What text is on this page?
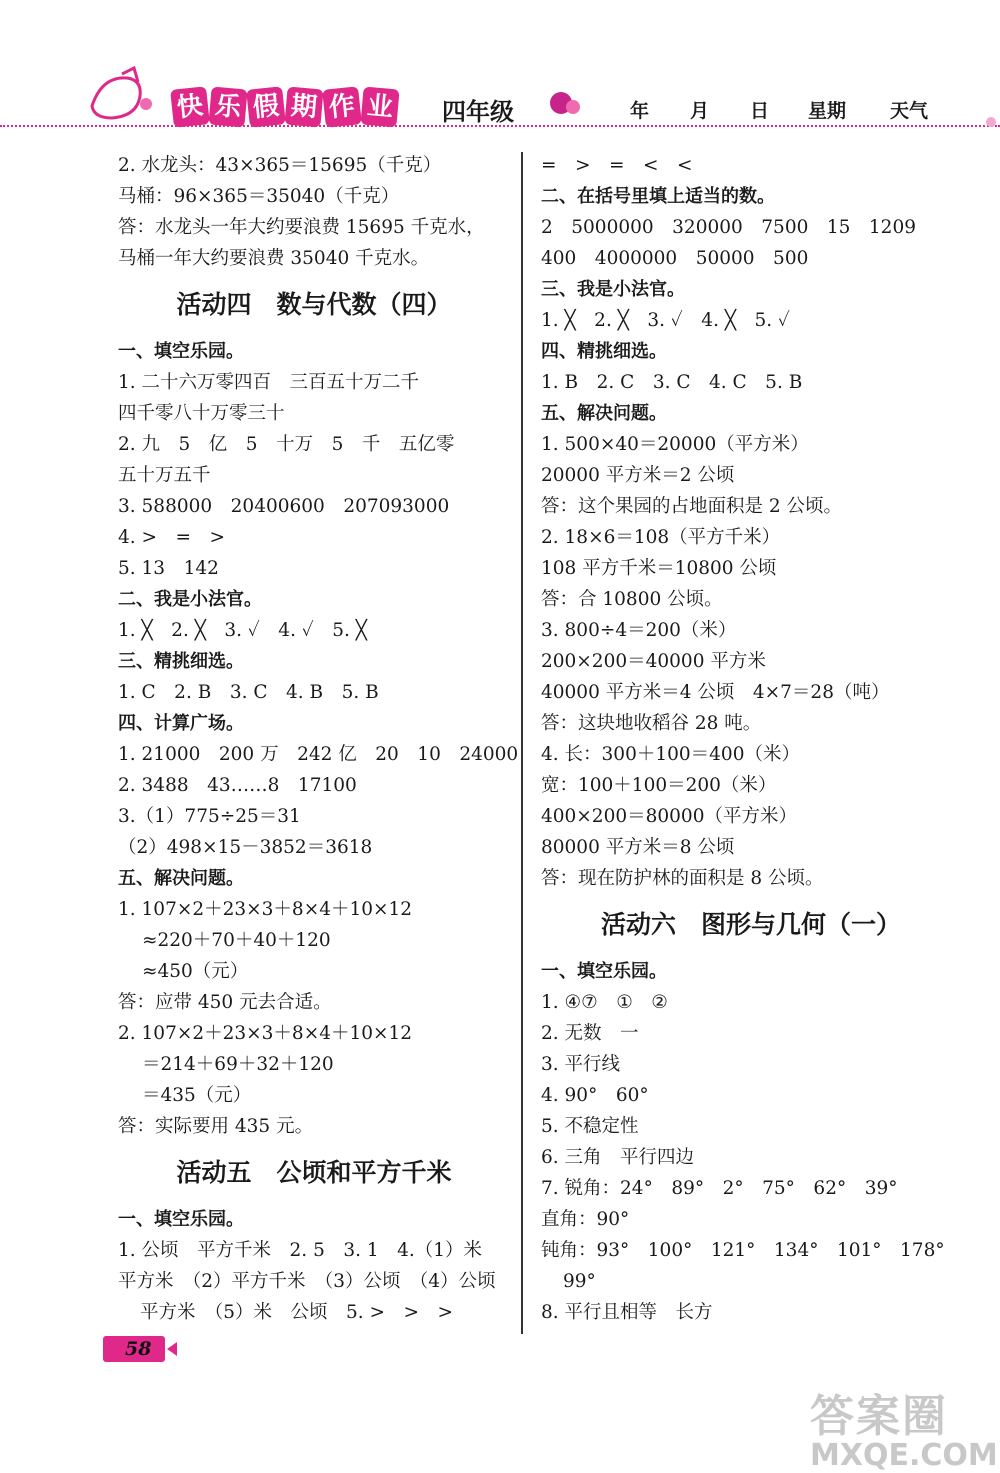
快 乐 假 期 作 业 四年级	年 月 日 星期 天气
2. 水龙头：43×365＝15695（千克）
马桶：96×365＝35040（千克）
答：水龙头一年大约要浪费 15695 千克水，
马桶一年大约要浪费 35040 千克水。
活动四　数与代数（四）
一、填空乐园。
1. 二十六万零四百　三百五十万二千
四千零八十万零三十
2. 九　5　亿　5　十万　5　千　五亿零
五十万五千
3. 588000　20400600　207093000
4. >　=　>
5. 13　142
二、我是小法官。
1. ╳　2. ╳　3. ✓　4. ✓　5. ╳
三、精挑细选。
1. C　2. B　3. C　4. B　5. B
四、计算广场。
1. 21000　200 万　242 亿　20　10　24000
2. 3488　43……8　17100
3.（1）775÷25＝31
（2）498×15－3852＝3618
五、解决问题。
1. 107×2＋23×3＋8×4＋10×12
≈220＋70＋40＋120
≈450（元）
答：应带 450 元去合适。
2. 107×2＋23×3＋8×4＋10×12
＝214＋69＋32＋120
＝435（元）
答：实际要用 435 元。
活动五　公顷和平方千米
一、填空乐园。
1. 公顷　平方千米　2. 5　3. 1　4.（1）米
平方米　（2）平方千米　（3）公顷　（4）公顷
平方米　（5）米　公顷　5. >　>　>
=　>　=　<　<
二、在括号里填上适当的数。
2　5000000　320000　7500　15　1209
400　4000000　50000　500
三、我是小法官。
1. ╳　2. ╳　3. ✓　4. ╳　5. ✓
四、精挑细选。
1. B　2. C　3. C　4. C　5. B
五、解决问题。
1. 500×40＝20000（平方米）
20000 平方米＝2 公顷
答：这个果园的占地面积是 2 公顷。
2. 18×6＝108（平方千米）
108 平方千米＝10800 公顷
答：合 10800 公顷。
3. 800÷4＝200（米）
200×200＝40000 平方米
40000 平方米＝4 公顷　4×7＝28（吨）
答：这块地收稻谷 28 吨。
4. 长：300＋100＝400（米）
宽：100＋100＝200（米）
400×200＝80000（平方米）
80000 平方米＝8 公顷
答：现在防护林的面积是 8 公顷。
活动六　图形与几何（一）
一、填空乐园。
1. ④⑦　①　②
2. 无数　一
3. 平行线
4. 90°　60°
5. 不稳定性
6. 三角　平行四边
7. 锐角：24°　89°　2°　75°　62°　39°
直角：90°
钝角：93°　100°　121°　134°　101°　178°
99°
8. 平行且相等　长方
58
答案圈
MXQE.COM
